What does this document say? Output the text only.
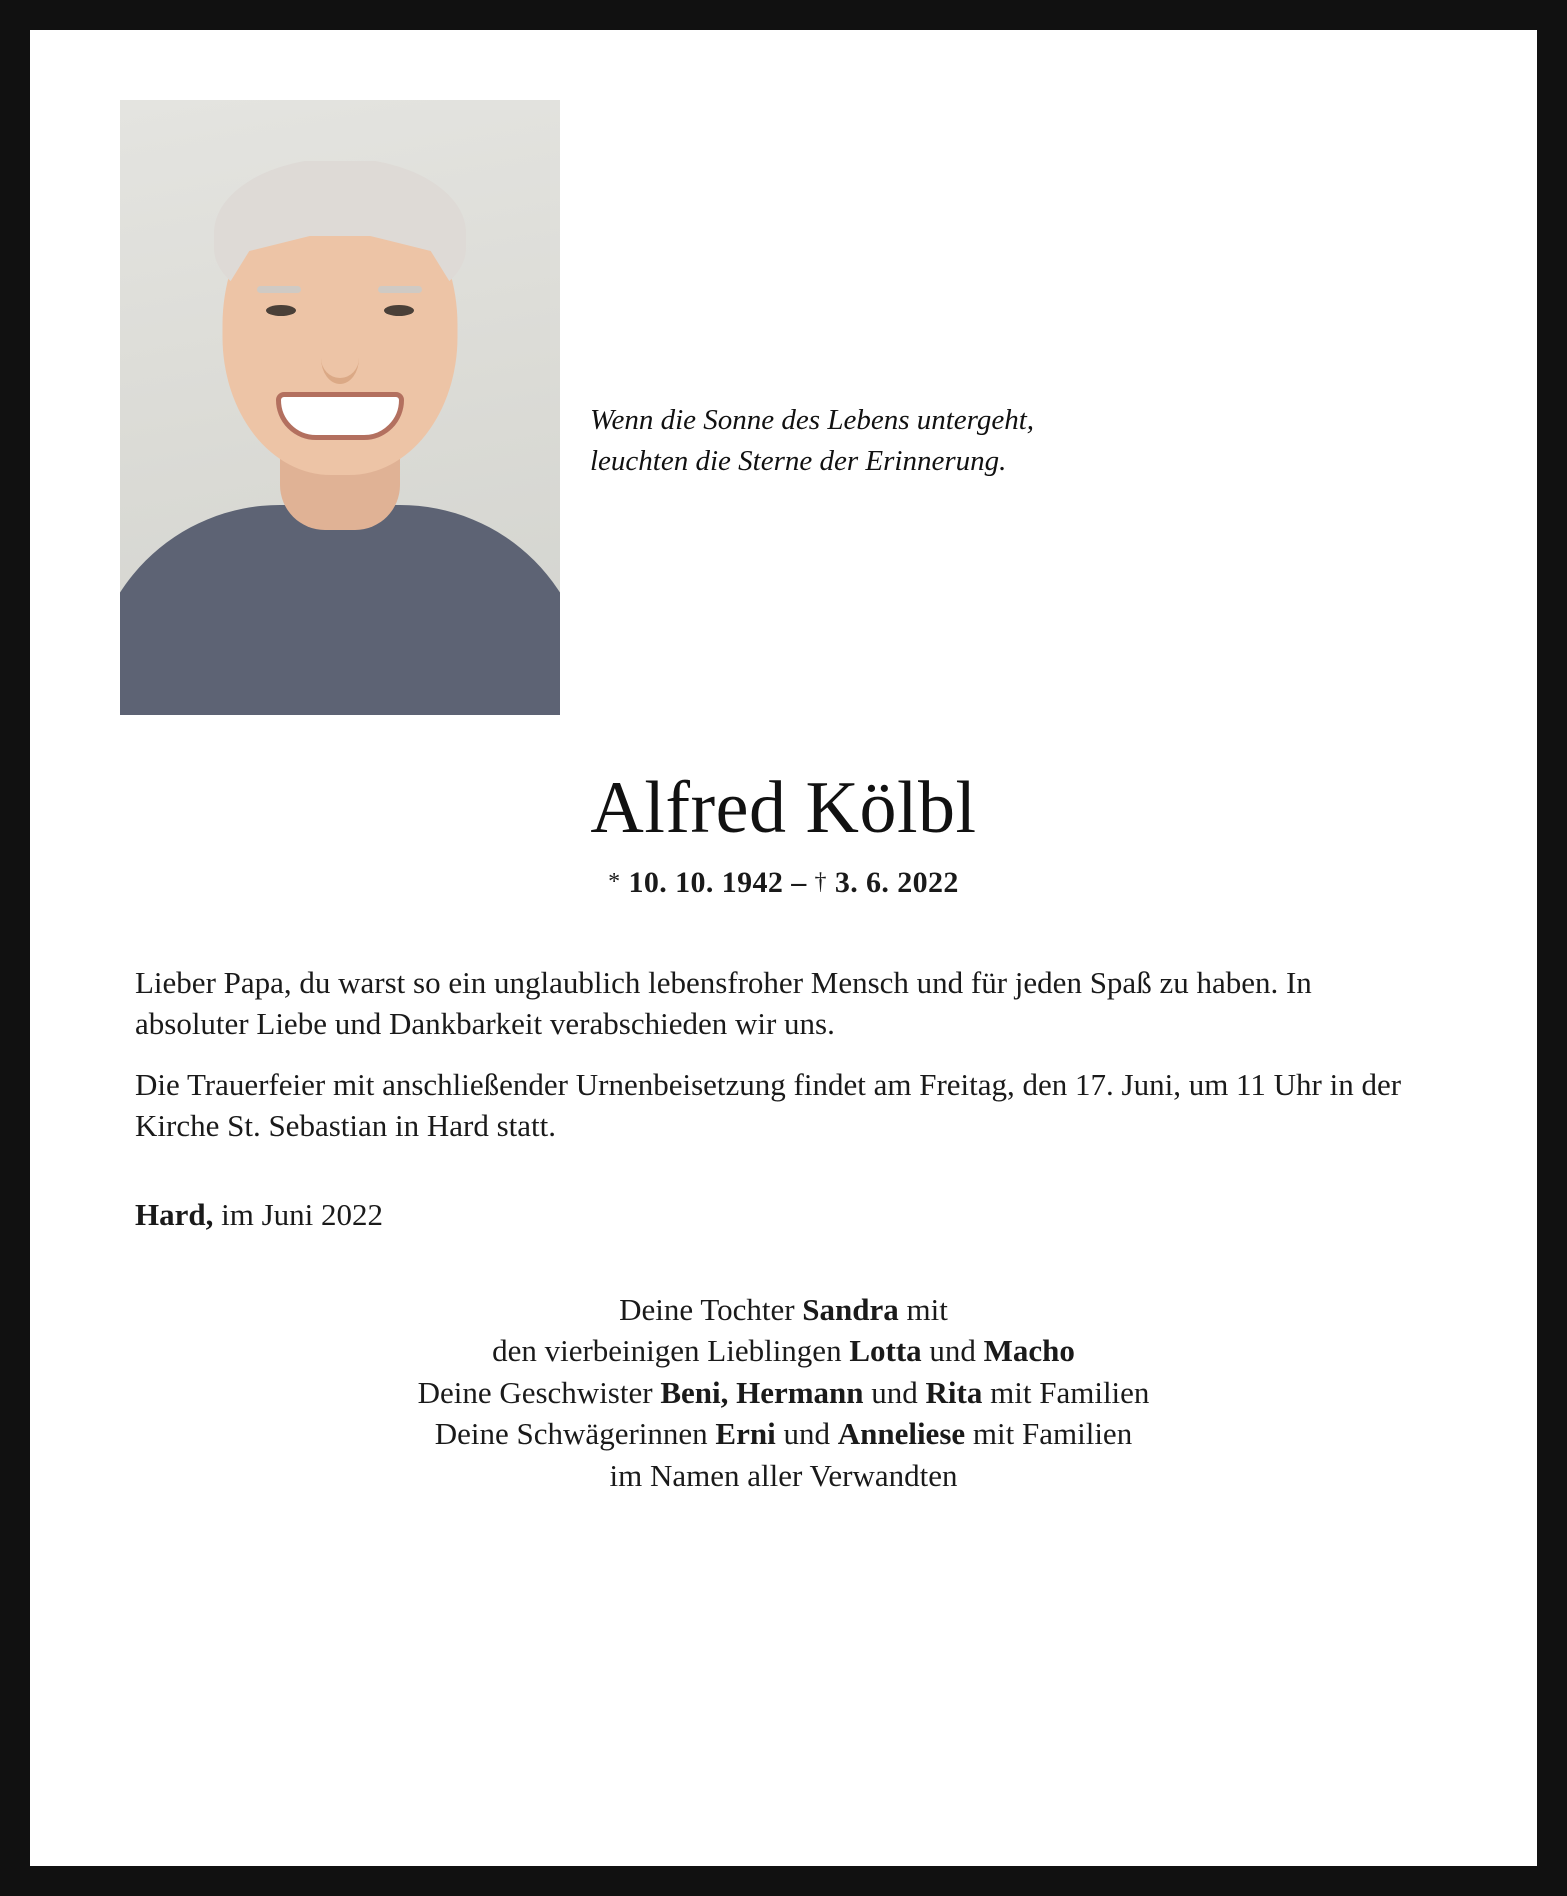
Wenn die Sonne des Lebens untergeht,
leuchten die Sterne der Erinnerung.
Alfred Kölbl
* 10. 10. 1942 – † 3. 6. 2022

Lieber Papa, du warst so ein unglaublich lebensfroher Mensch und für jeden Spaß zu haben. In absoluter Liebe und Dankbarkeit verabschieden wir uns.

Die Trauerfeier mit anschließender Urnenbeisetzung findet am Freitag, den 17. Juni, um 11 Uhr in der Kirche St. Sebastian in Hard statt.

Hard, im Juni 2022
Deine Tochter Sandra mit
den vierbeinigen Lieblingen Lotta und Macho
Deine Geschwister Beni, Hermann und Rita mit Familien
Deine Schwägerinnen Erni und Anneliese mit Familien
im Namen aller Verwandten
